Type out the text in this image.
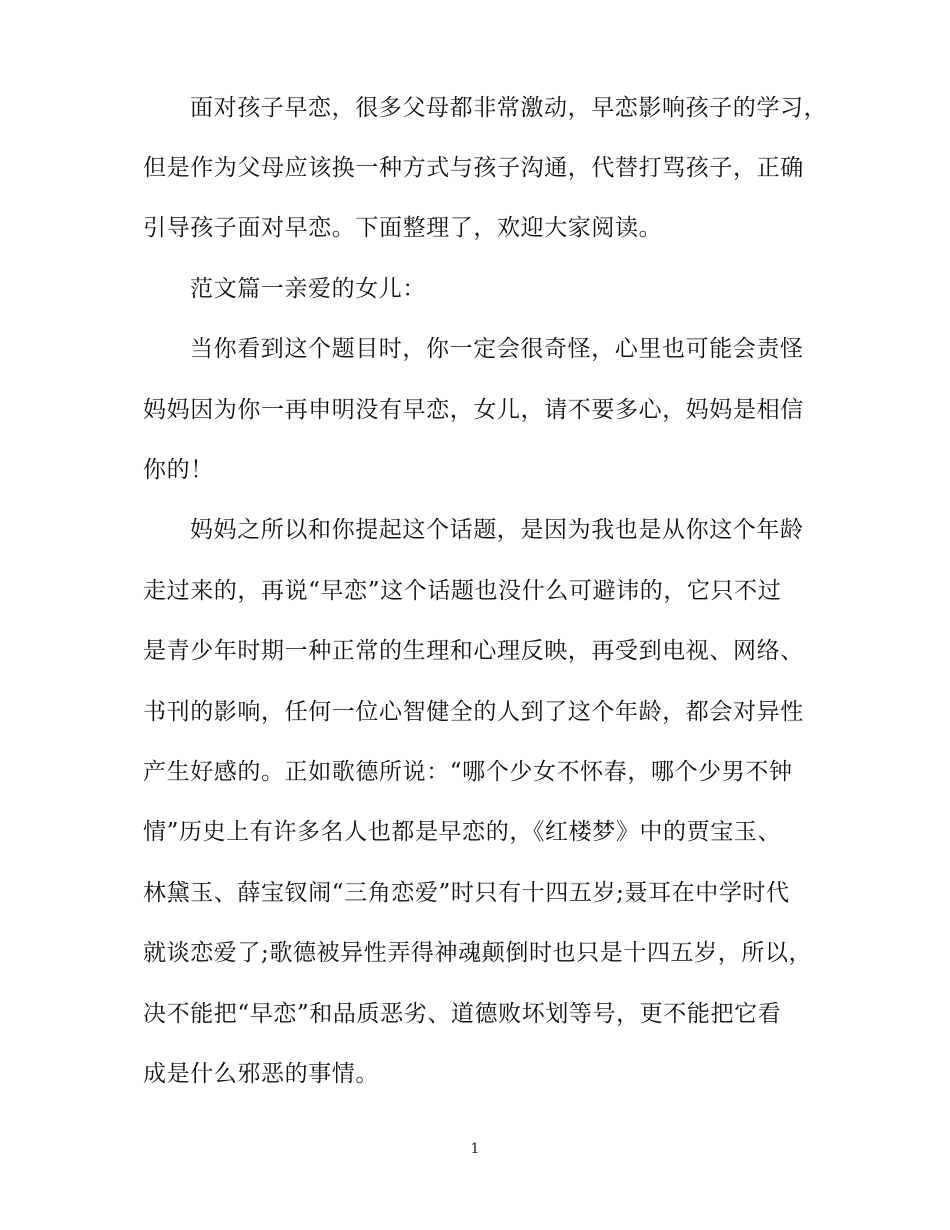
面对孩子早恋，很多父母都非常激动，早恋影响孩子的学习，
但是作为父母应该换一种方式与孩子沟通，代替打骂孩子，正确
引导孩子面对早恋。下面整理了，欢迎大家阅读。
范文篇一亲爱的女儿：
当你看到这个题目时，你一定会很奇怪，心里也可能会责怪
妈妈因为你一再申明没有早恋，女儿，请不要多心，妈妈是相信
你的！
妈妈之所以和你提起这个话题，是因为我也是从你这个年龄
走过来的，再说“早恋”这个话题也没什么可避讳的，它只不过
是青少年时期一种正常的生理和心理反映，再受到电视、网络、
书刊的影响，任何一位心智健全的人到了这个年龄，都会对异性
产生好感的。正如歌德所说：“哪个少女不怀春，哪个少男不钟
情”历史上有许多名人也都是早恋的，《红楼梦》中的贾宝玉、
林黛玉、薛宝钗闹“三角恋爱”时只有十四五岁;聂耳在中学时代
就谈恋爱了;歌德被异性弄得神魂颠倒时也只是十四五岁，所以，
决不能把“早恋”和品质恶劣、道德败坏划等号，更不能把它看
成是什么邪恶的事情。
1
